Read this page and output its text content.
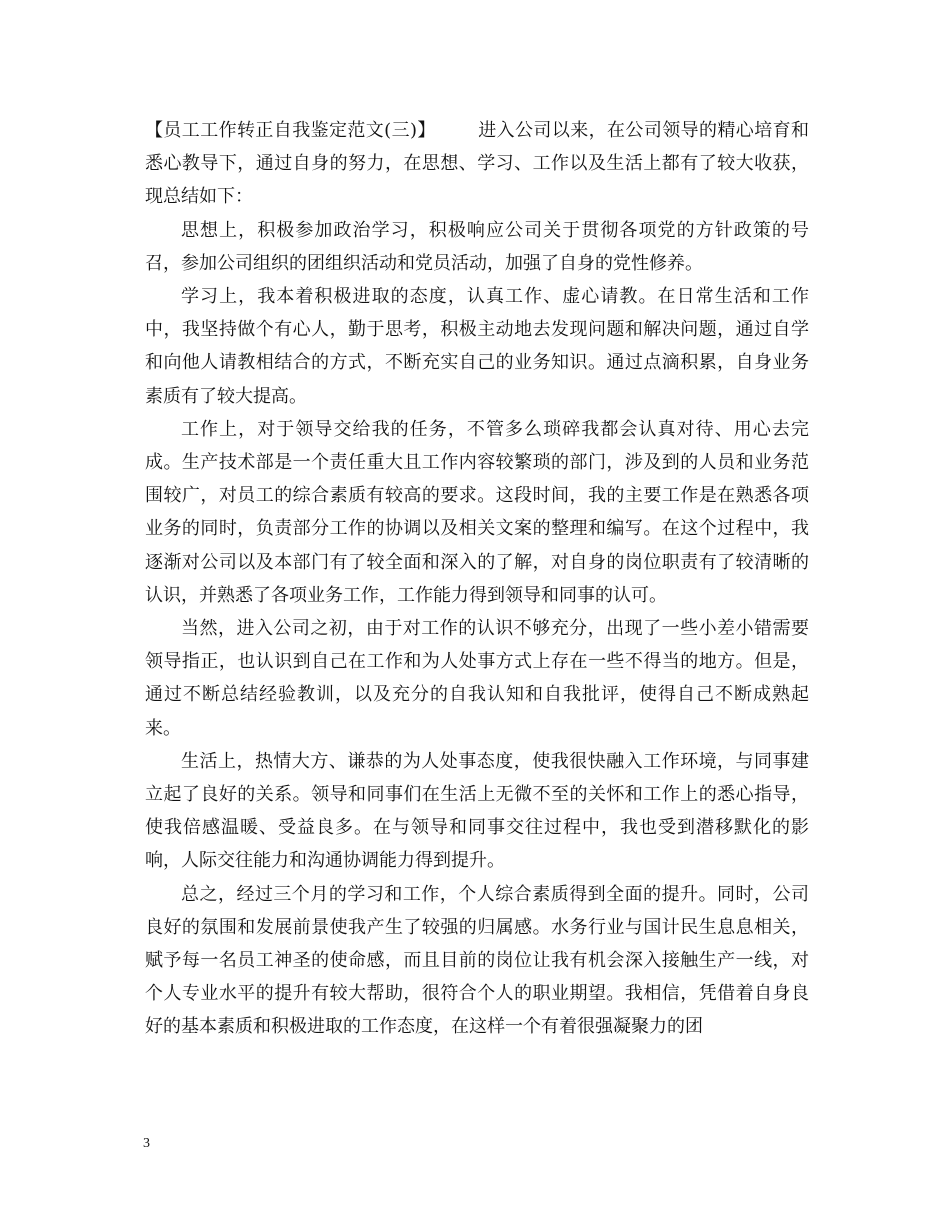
【员工工作转正自我鉴定范文(三)】 进入公司以来，在公司领导的精心培育和悉心教导下，通过自身的努力，在思想、学习、工作以及生活上都有了较大收获，现总结如下：

思想上，积极参加政治学习，积极响应公司关于贯彻各项党的方针政策的号召，参加公司组织的团组织活动和党员活动，加强了自身的党性修养。

学习上，我本着积极进取的态度，认真工作、虚心请教。在日常生活和工作中，我坚持做个有心人，勤于思考，积极主动地去发现问题和解决问题，通过自学和向他人请教相结合的方式，不断充实自己的业务知识。通过点滴积累，自身业务素质有了较大提高。

工作上，对于领导交给我的任务，不管多么琐碎我都会认真对待、用心去完成。生产技术部是一个责任重大且工作内容较繁琐的部门，涉及到的人员和业务范围较广，对员工的综合素质有较高的要求。这段时间，我的主要工作是在熟悉各项业务的同时，负责部分工作的协调以及相关文案的整理和编写。在这个过程中，我逐渐对公司以及本部门有了较全面和深入的了解，对自身的岗位职责有了较清晰的认识，并熟悉了各项业务工作，工作能力得到领导和同事的认可。

当然，进入公司之初，由于对工作的认识不够充分，出现了一些小差小错需要领导指正，也认识到自己在工作和为人处事方式上存在一些不得当的地方。但是，通过不断总结经验教训，以及充分的自我认知和自我批评，使得自己不断成熟起来。

生活上，热情大方、谦恭的为人处事态度，使我很快融入工作环境，与同事建立起了良好的关系。领导和同事们在生活上无微不至的关怀和工作上的悉心指导，使我倍感温暖、受益良多。在与领导和同事交往过程中，我也受到潜移默化的影响，人际交往能力和沟通协调能力得到提升。

总之，经过三个月的学习和工作，个人综合素质得到全面的提升。同时，公司良好的氛围和发展前景使我产生了较强的归属感。水务行业与国计民生息息相关，赋予每一名员工神圣的使命感，而且目前的岗位让我有机会深入接触生产一线，对个人专业水平的提升有较大帮助，很符合个人的职业期望。我相信，凭借着自身良好的基本素质和积极进取的工作态度，在这样一个有着很强凝聚力的团

3
